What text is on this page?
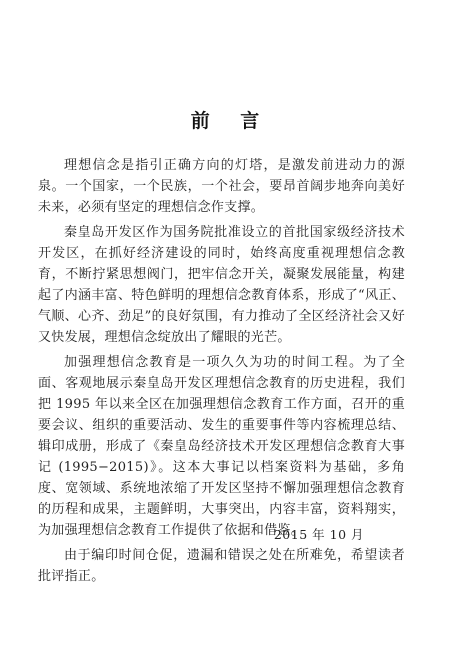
前 言

理想信念是指引正确方向的灯塔，是激发前进动力的源泉。一个国家，一个民族，一个社会，要昂首阔步地奔向美好未来，必须有坚定的理想信念作支撑。

秦皇岛开发区作为国务院批准设立的首批国家级经济技术开发区，在抓好经济建设的同时，始终高度重视理想信念教育，不断拧紧思想阀门，把牢信念开关，凝聚发展能量，构建起了内涵丰富、特色鲜明的理想信念教育体系，形成了“风正、气顺、心齐、劲足”的良好氛围，有力推动了全区经济社会又好又快发展，理想信念绽放出了耀眼的光芒。

加强理想信念教育是一项久久为功的时间工程。为了全面、客观地展示秦皇岛开发区理想信念教育的历史进程，我们把 1995 年以来全区在加强理想信念教育工作方面，召开的重要会议、组织的重要活动、发生的重要事件等内容梳理总结、辑印成册，形成了《秦皇岛经济技术开发区理想信念教育大事记 (1995−2015)》。这本大事记以档案资料为基础，多角度、宽领域、系统地浓缩了开发区坚持不懈加强理想信念教育的历程和成果，主题鲜明，大事突出，内容丰富，资料翔实，为加强理想信念教育工作提供了依据和借鉴。

由于编印时间仓促，遗漏和错误之处在所难免，希望读者批评指正。

2015 年 10 月
